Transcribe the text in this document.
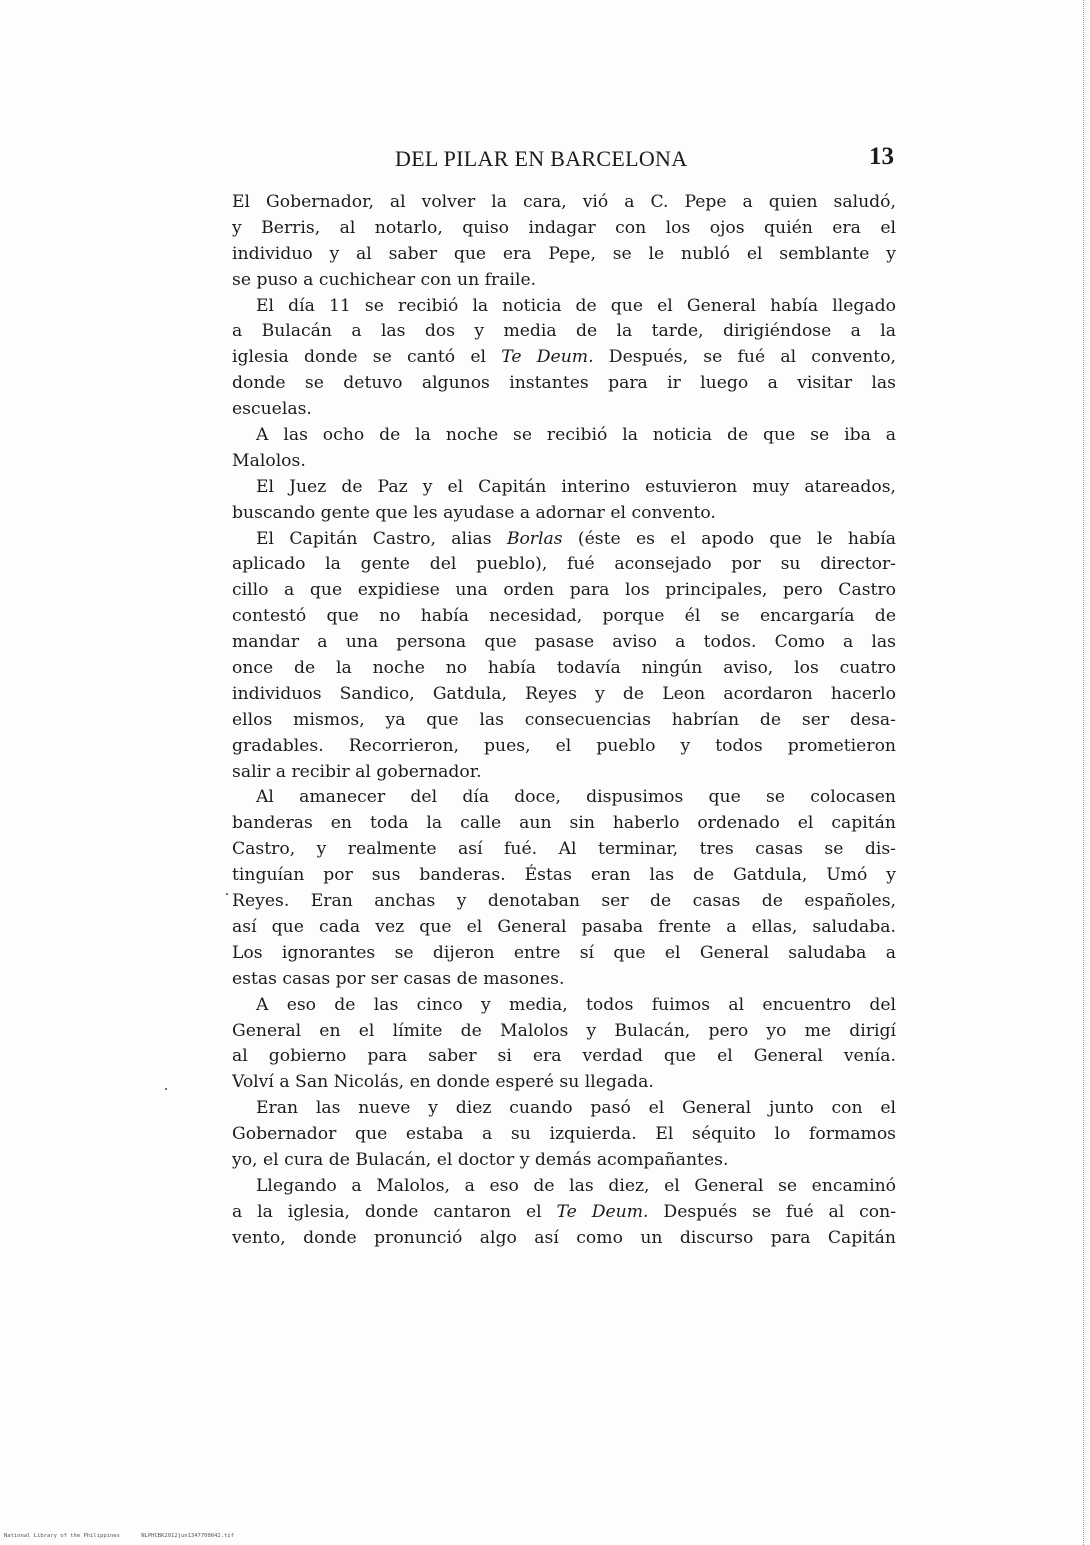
DEL PILAR EN BARCELONA	13
El Gobernador, al volver la cara, vió a C. Pepe a quien saludó,
y Berris, al notarlo, quiso indagar con los ojos quién era el
individuo y al saber que era Pepe, se le nubló el semblante y
se puso a cuchichear con un fraile.
El día 11 se recibió la noticia de que el General había llegado
a Bulacán a las dos y media de la tarde, dirigiéndose a la
iglesia donde se cantó el Te Deum. Después, se fué al convento,
donde se detuvo algunos instantes para ir luego a visitar las
escuelas.
A las ocho de la noche se recibió la noticia de que se iba a
Malolos.
El Juez de Paz y el Capitán interino estuvieron muy atareados,
buscando gente que les ayudase a adornar el convento.
El Capitán Castro, alias Borlas (éste es el apodo que le había
aplicado la gente del pueblo), fué aconsejado por su director-
cillo a que expidiese una orden para los principales, pero Castro
contestó que no había necesidad, porque él se encargaría de
mandar a una persona que pasase aviso a todos. Como a las
once de la noche no había todavía ningún aviso, los cuatro
individuos Sandico, Gatdula, Reyes y de Leon acordaron hacerlo
ellos mismos, ya que las consecuencias habrían de ser desa-
gradables. Recorrieron, pues, el pueblo y todos prometieron
salir a recibir al gobernador.
Al amanecer del día doce, dispusimos que se colocasen
banderas en toda la calle aun sin haberlo ordenado el capitán
Castro, y realmente así fué. Al terminar, tres casas se dis-
tinguían por sus banderas. Éstas eran las de Gatdula, Umó y
Reyes. Eran anchas y denotaban ser de casas de españoles,
así que cada vez que el General pasaba frente a ellas, saludaba.
Los ignorantes se dijeron entre sí que el General saludaba a
estas casas por ser casas de masones.
A eso de las cinco y media, todos fuimos al encuentro del
General en el límite de Malolos y Bulacán, pero yo me dirigí
al gobierno para saber si era verdad que el General venía.
Volví a San Nicolás, en donde esperé su llegada.
Eran las nueve y diez cuando pasó el General junto con el
Gobernador que estaba a su izquierda. El séquito lo formamos
yo, el cura de Bulacán, el doctor y demás acompañantes.
Llegando a Malolos, a eso de las diez, el General se encaminó
a la iglesia, donde cantaron el Te Deum. Después se fué al con-
vento, donde pronunció algo así como un discurso para Capitán
National Library of the Philippines	NLPHCBK2012jun1347700042.tif
